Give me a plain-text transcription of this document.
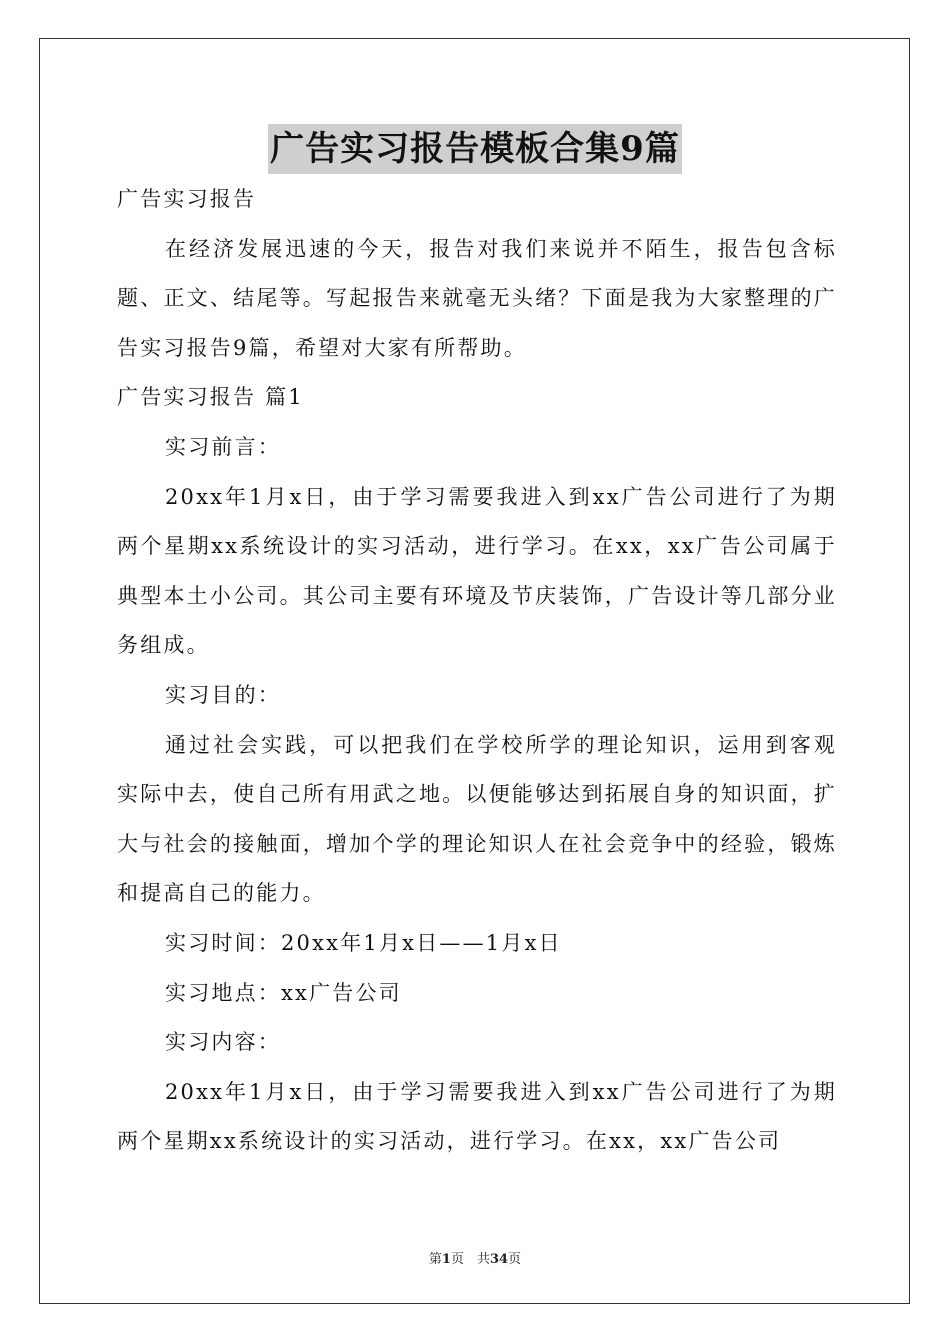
广告实习报告模板合集9篇

广告实习报告

在经济发展迅速的今天，报告对我们来说并不陌生，报告包含标题、正文、结尾等。写起报告来就毫无头绪？下面是我为大家整理的广告实习报告9篇，希望对大家有所帮助。

广告实习报告 篇1

实习前言：

20xx年1月x日，由于学习需要我进入到xx广告公司进行了为期两个星期xx系统设计的实习活动，进行学习。在xx，xx广告公司属于典型本土小公司。其公司主要有环境及节庆装饰，广告设计等几部分业务组成。

实习目的：

通过社会实践，可以把我们在学校所学的理论知识，运用到客观实际中去，使自己所有用武之地。以便能够达到拓展自身的知识面，扩大与社会的接触面，增加个学的理论知识人在社会竞争中的经验，锻炼和提高自己的能力。

实习时间：20xx年1月x日——1月x日

实习地点：xx广告公司

实习内容：

20xx年1月x日，由于学习需要我进入到xx广告公司进行了为期两个星期xx系统设计的实习活动，进行学习。在xx，xx广告公司

第1页　共34页
